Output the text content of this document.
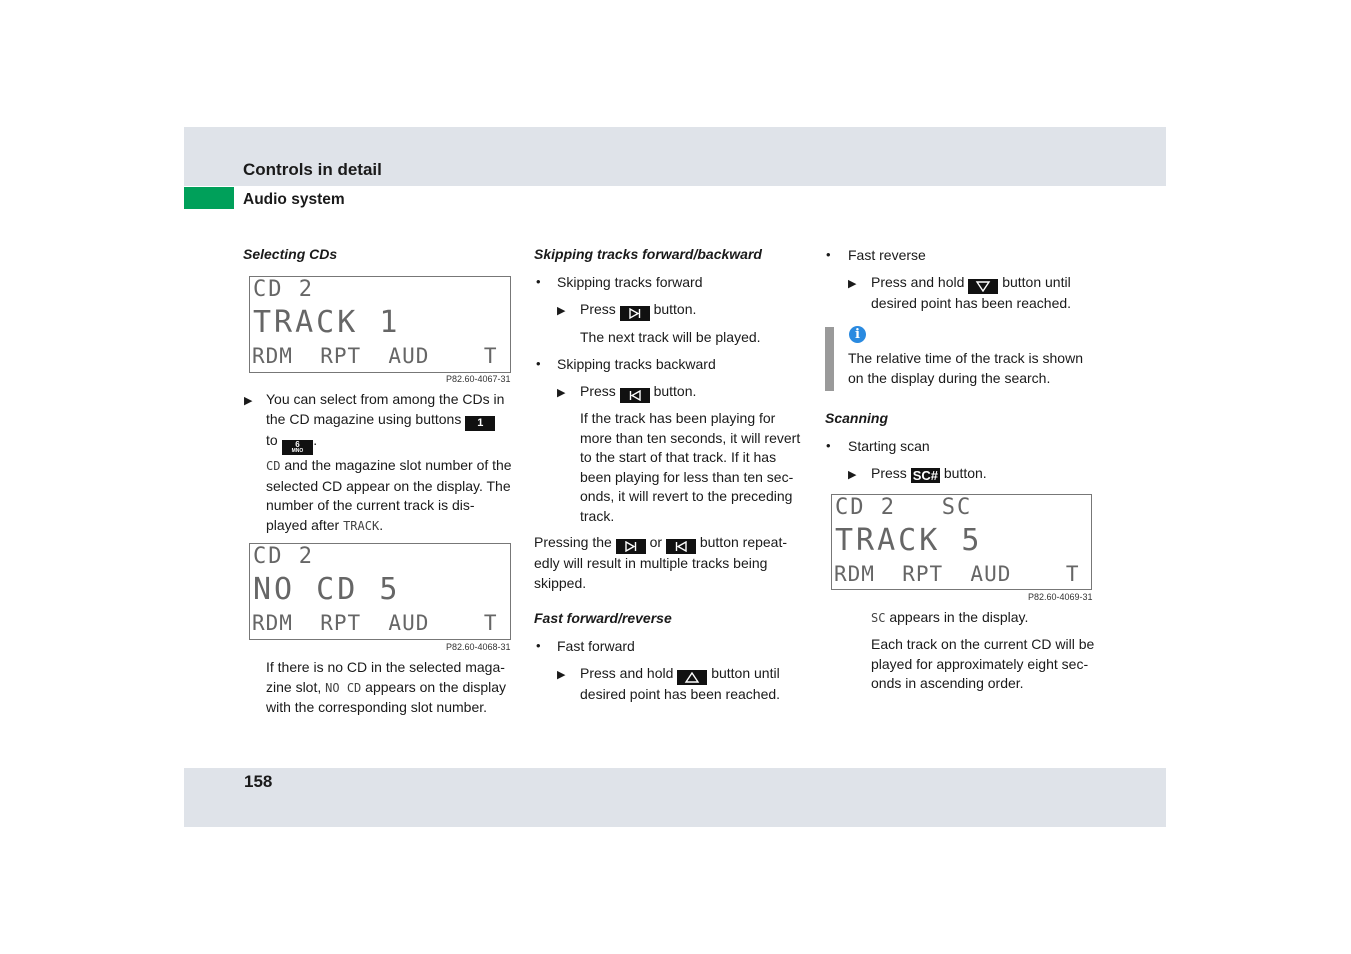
Controls in detail
Audio system
Selecting CDs
CD 2
TRACK 1
RDM  RPT  AUD    T
P82.60-4067-31
▶ You can select from among the CDs in
the CD magazine using buttons 1
to 6
MNO
.
CD and the magazine slot number of the
selected CD appear on the display. The
number of the current track is dis-
played after TRACK.
CD 2
NO CD 5
RDM  RPT  AUD    T
P82.60-4068-31
If there is no CD in the selected maga-
zine slot, NO CD appears on the display
with the corresponding slot number.
Skipping tracks forward/backward
• Skipping tracks forward
▶ Press	button.
The next track will be played.
• Skipping tracks backward
▶ Press	button.
If the track has been playing for
more than ten seconds, it will revert
to the start of that track. If it has
been playing for less than ten sec-
onds, it will revert to the preceding
track.
Pressing the	or	button repeat-
edly will result in multiple tracks being
skipped.
Fast forward/reverse
• Fast forward
▶ Press and hold	button until
desired point has been reached.
• Fast reverse
▶ Press and hold	button until
desired point has been reached.
i
The relative time of the track is shown
on the display during the search.
Scanning
• Starting scan
▶ Press SC# button.
CD 2   SC
TRACK 5
RDM  RPT  AUD    T
P82.60-4069-31
SC appears in the display.
Each track on the current CD will be
played for approximately eight sec-
onds in ascending order.
158
